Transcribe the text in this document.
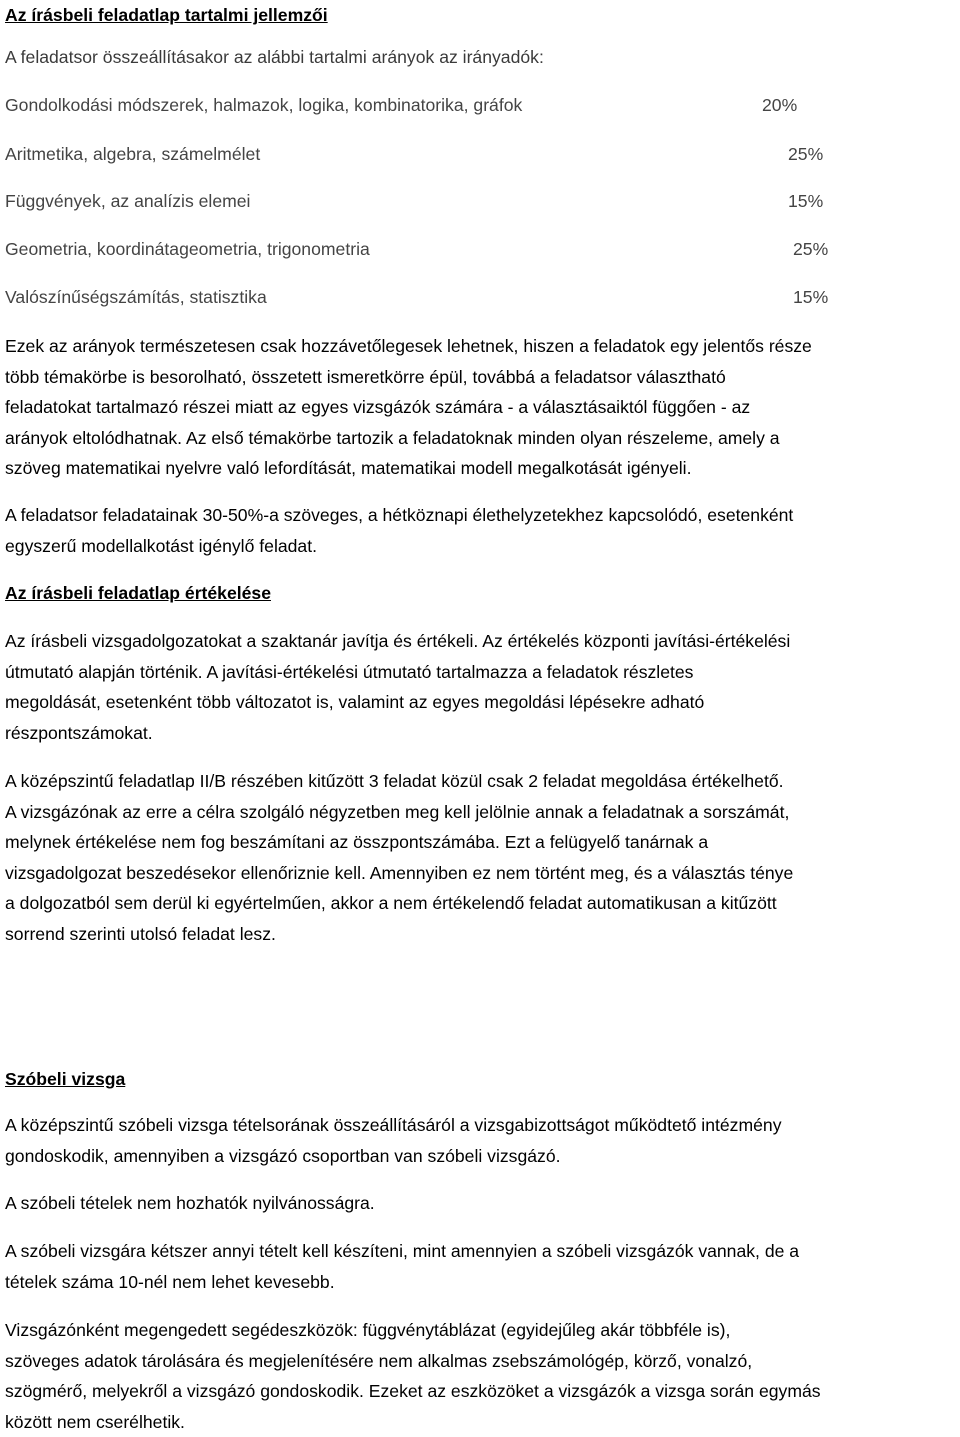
Az írásbeli feladatlap tartalmi jellemzői
A feladatsor összeállításakor az alábbi tartalmi arányok az irányadók:
Gondolkodási módszerek, halmazok, logika, kombinatorika, gráfok	20%
Aritmetika, algebra, számelmélet	25%
Függvények, az analízis elemei	15%
Geometria, koordinátageometria, trigonometria	25%
Valószínűségszámítás, statisztika	15%
Ezek az arányok természetesen csak hozzávetőlegesek lehetnek, hiszen a feladatok egy jelentős része
több témakörbe is besorolható, összetett ismeretkörre épül, továbbá a feladatsor választható
feladatokat tartalmazó részei miatt az egyes vizsgázók számára - a választásaiktól függően - az
arányok eltolódhatnak. Az első témakörbe tartozik a feladatoknak minden olyan részeleme, amely a
szöveg matematikai nyelvre való lefordítását, matematikai modell megalkotását igényeli.
A feladatsor feladatainak 30-50%-a szöveges, a hétköznapi élethelyzetekhez kapcsolódó, esetenként
egyszerű modellalkotást igénylő feladat.
Az írásbeli feladatlap értékelése
Az írásbeli vizsgadolgozatokat a szaktanár javítja és értékeli. Az értékelés központi javítási-értékelési
útmutató alapján történik. A javítási-értékelési útmutató tartalmazza a feladatok részletes
megoldását, esetenként több változatot is, valamint az egyes megoldási lépésekre adható
részpontszámokat.
A középszintű feladatlap II/B részében kitűzött 3 feladat közül csak 2 feladat megoldása értékelhető.
A vizsgázónak az erre a célra szolgáló négyzetben meg kell jelölnie annak a feladatnak a sorszámát,
melynek értékelése nem fog beszámítani az összpontszámába. Ezt a felügyelő tanárnak a
vizsgadolgozat beszedésekor ellenőriznie kell. Amennyiben ez nem történt meg, és a választás ténye
a dolgozatból sem derül ki egyértelműen, akkor a nem értékelendő feladat automatikusan a kitűzött
sorrend szerinti utolsó feladat lesz.
Szóbeli vizsga
A középszintű szóbeli vizsga tételsorának összeállításáról a vizsgabizottságot működtető intézmény
gondoskodik, amennyiben a vizsgázó csoportban van szóbeli vizsgázó.
A szóbeli tételek nem hozhatók nyilvánosságra.
A szóbeli vizsgára kétszer annyi tételt kell készíteni, mint amennyien a szóbeli vizsgázók vannak, de a
tételek száma 10-nél nem lehet kevesebb.
Vizsgázónként megengedett segédeszközök: függvénytáblázat (egyidejűleg akár többféle is),
szöveges adatok tárolására és megjelenítésére nem alkalmas zsebszámológép, körző, vonalzó,
szögmérő, melyekről a vizsgázó gondoskodik. Ezeket az eszközöket a vizsgázók a vizsga során egymás
között nem cserélhetik.
